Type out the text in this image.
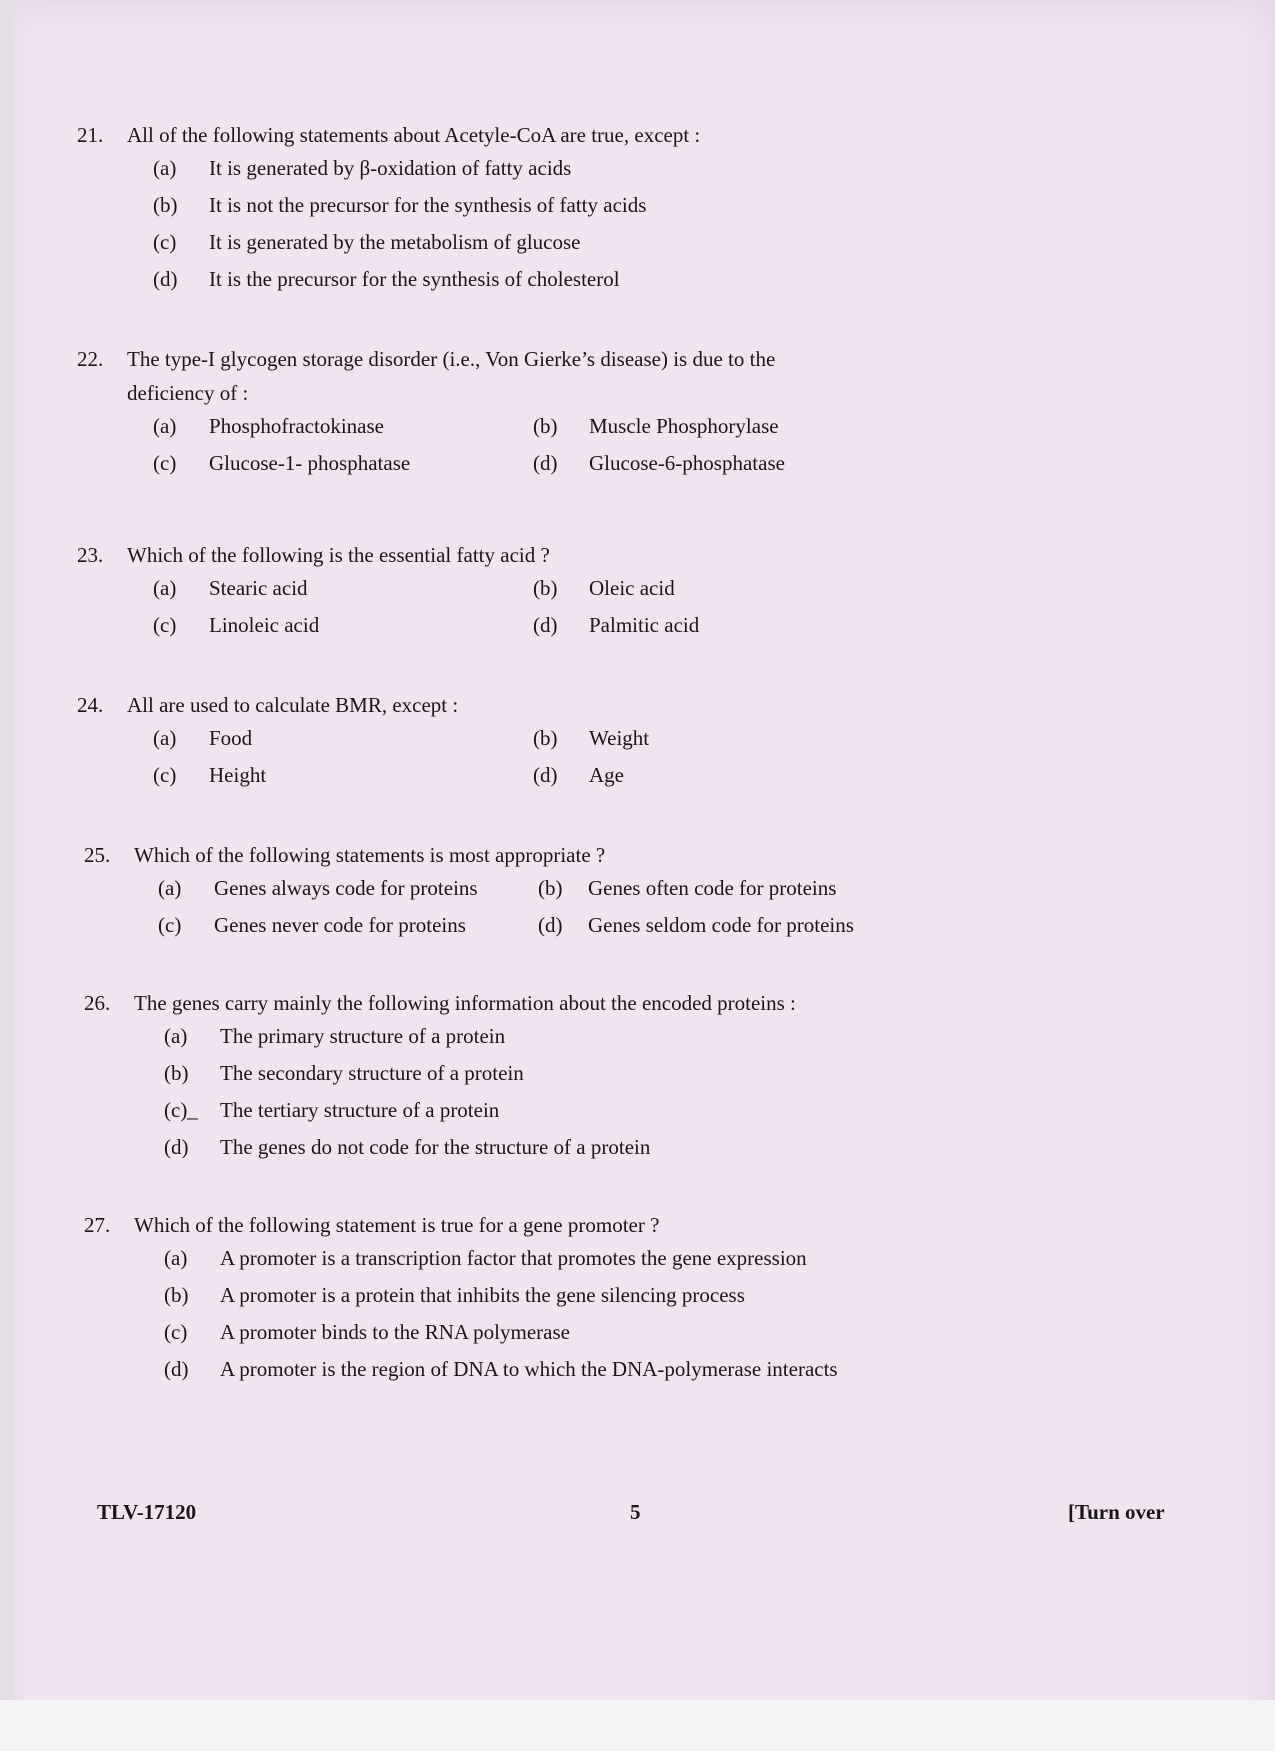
21.	All of the following statements about Acetyle-CoA are true, except :
(a)	It is generated by β-oxidation of fatty acids
(b)	It is not the precursor for the synthesis of fatty acids
(c)	It is generated by the metabolism of glucose
(d)	It is the precursor for the synthesis of cholesterol
22.	The type-I glycogen storage disorder (i.e., Von Gierke’s disease) is due to the
deficiency of :
(a)	Phosphofractokinase	(b)	Muscle Phosphorylase
(c)	Glucose-1- phosphatase	(d)	Glucose-6-phosphatase
23.	Which of the following is the essential fatty acid ?
(a)	Stearic acid	(b)	Oleic acid
(c)	Linoleic acid	(d)	Palmitic acid
24.	All are used to calculate BMR, except :
(a)	Food	(b)	Weight
(c)	Height	(d)	Age
25.	Which of the following statements is most appropriate ?
(a)	Genes always code for proteins	(b)	Genes often code for proteins
(c)	Genes never code for proteins	(d)	Genes seldom code for proteins
26.	The genes carry mainly the following information about the encoded proteins :
(a)	The primary structure of a protein
(b)	The secondary structure of a protein
(c)_	The tertiary structure of a protein
(d)	The genes do not code for the structure of a protein
27.	Which of the following statement is true for a gene promoter ?
(a)	A promoter is a transcription factor that promotes the gene expression
(b)	A promoter is a protein that inhibits the gene silencing process
(c)	A promoter binds to the RNA polymerase
(d)	A promoter is the region of DNA to which the DNA-polymerase interacts
TLV-17120	5	[Turn over
